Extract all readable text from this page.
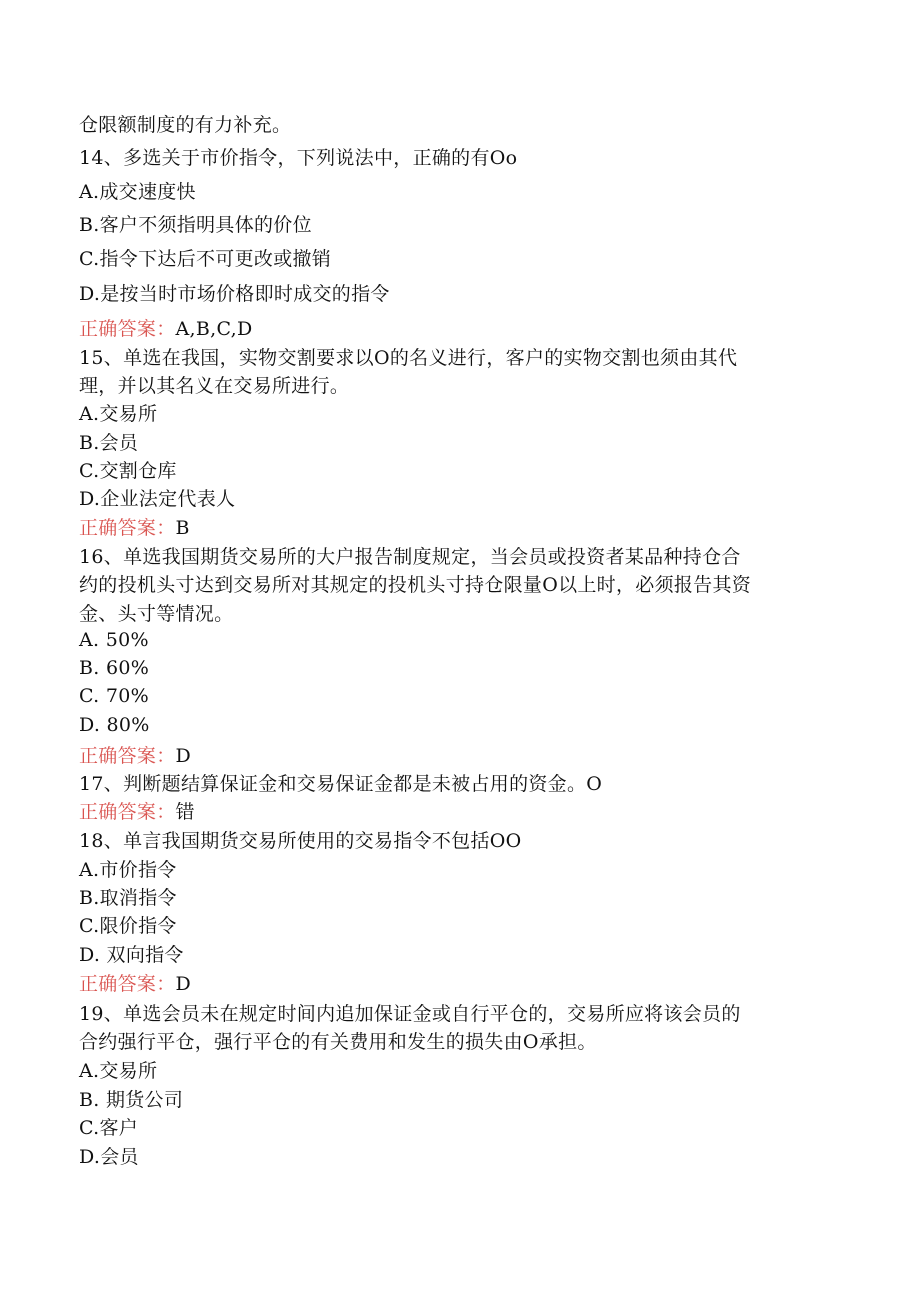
仓限额制度的有力补充。
14、多选关于市价指令，下列说法中，正确的有Oo
A.成交速度快
B.客户不须指明具体的价位
C.指令下达后不可更改或撤销
D.是按当时市场价格即时成交的指令
正确答案：A,B,C,D
15、单选在我国，实物交割要求以O的名义进行，客户的实物交割也须由其代
理，并以其名义在交易所进行。
A.交易所
B.会员
C.交割仓库
D.企业法定代表人
正确答案：B
16、单选我国期货交易所的大户报告制度规定，当会员或投资者某品种持仓合
约的投机头寸达到交易所对其规定的投机头寸持仓限量O以上时，必须报告其资
金、头寸等情况。
A. 50%
B. 60%
C. 70%
D. 80%
正确答案：D
17、判断题结算保证金和交易保证金都是未被占用的资金。O
正确答案：错
18、单言我国期货交易所使用的交易指令不包括OO
A.市价指令
B.取消指令
C.限价指令
D. 双向指令
正确答案：D
19、单选会员未在规定时间内追加保证金或自行平仓的，交易所应将该会员的
合约强行平仓，强行平仓的有关费用和发生的损失由O承担。
A.交易所
B. 期货公司
C.客户
D.会员
